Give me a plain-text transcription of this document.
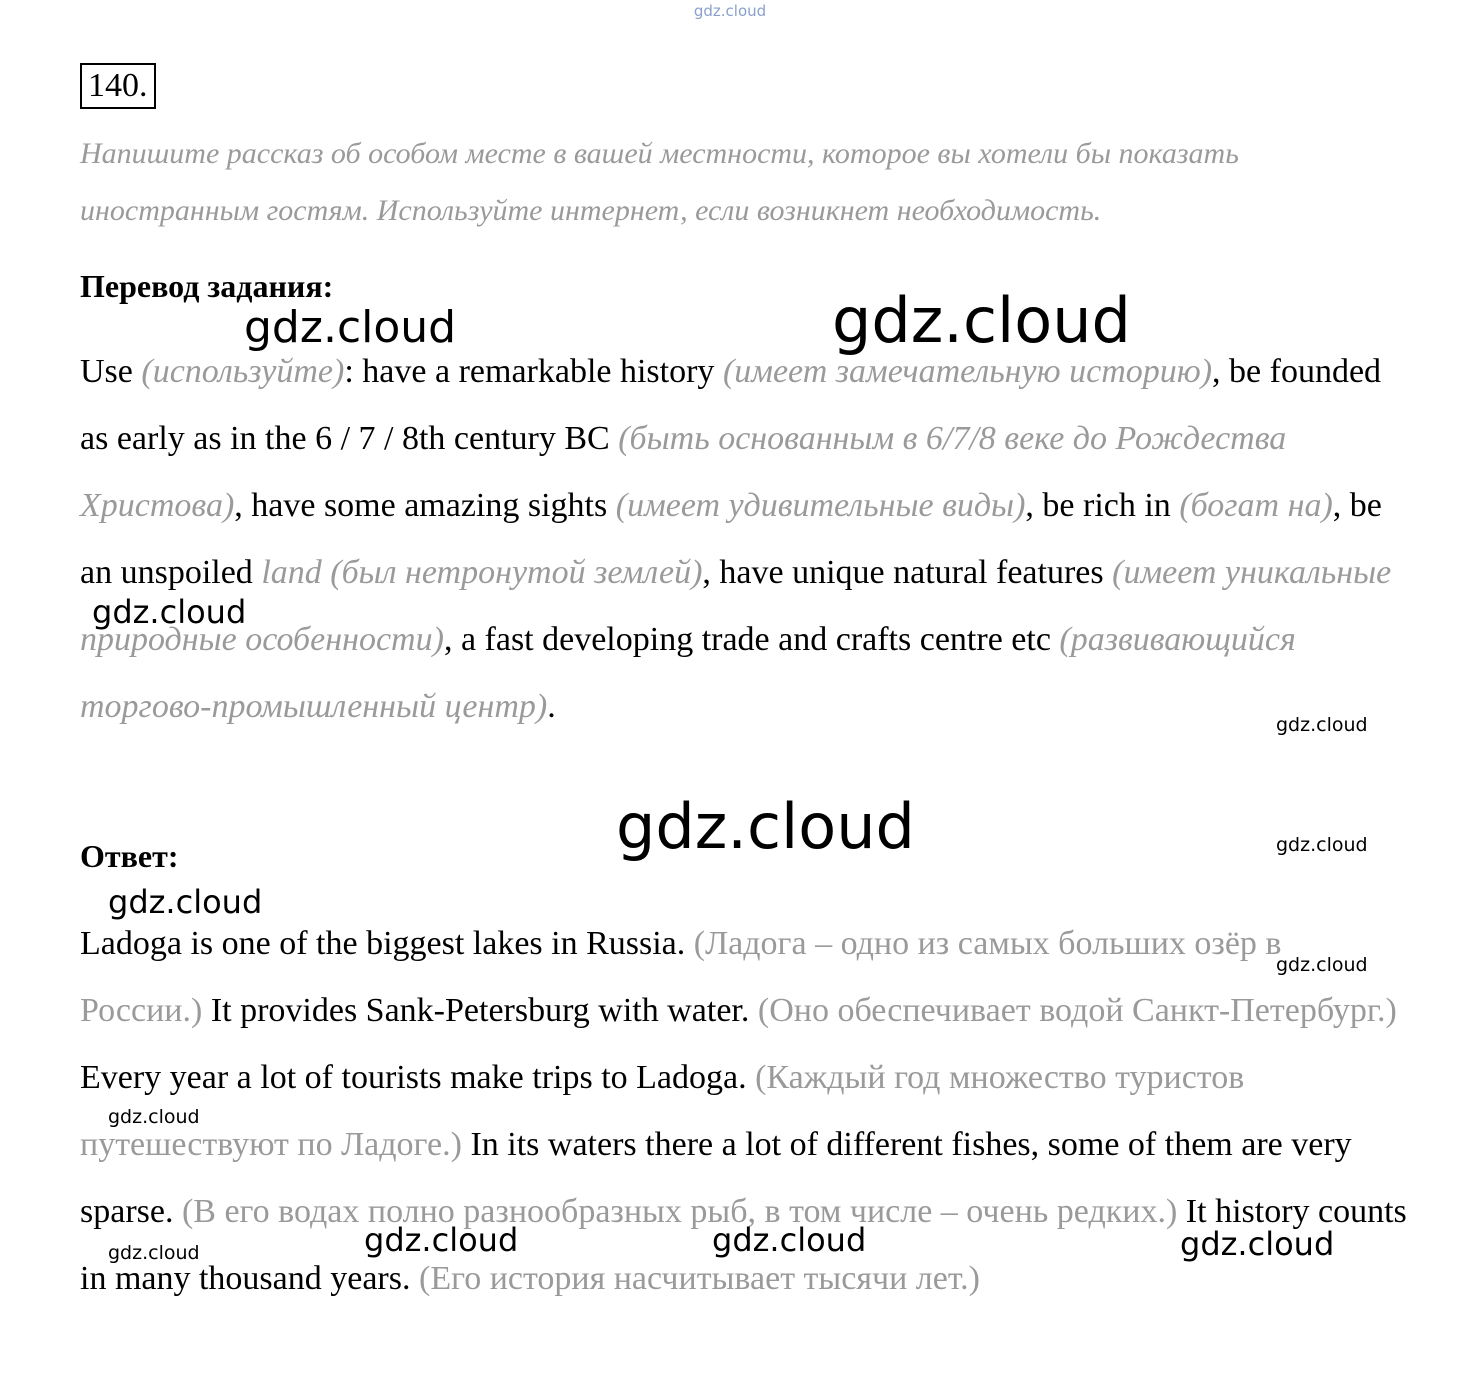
gdz.cloud
140.
Напишите рассказ об особом месте в вашей местности, которое вы хотели бы показать иностранным гостям. Используйте интернет, если возникнет необходимость.
Перевод задания:
Use (используйте): have a remarkable history (имеет замечательную историю), be founded as early as in the 6 / 7 / 8th century BC (быть основанным в 6/7/8 веке до Рождества Христова), have some amazing sights (имеет удивительные виды), be rich in (богат на), be an unspoiled land (был нетронутой землей), have unique natural features (имеет уникальные природные особенности), a fast developing trade and crafts centre etc (развивающийся торгово-промышленный центр).
Ответ:
Ladoga is one of the biggest lakes in Russia. (Ладога – одно из самых больших озёр в России.) It provides Sank-Petersburg with water. (Оно обеспечивает водой Санкт-Петербург.) Every year a lot of tourists make trips to Ladoga. (Каждый год множество туристов путешествуют по Ладоге.) In its waters there a lot of different fishes, some of them are very sparse. (В его водах полно разнообразных рыб, в том числе – очень редких.) It history counts in many thousand years. (Его история насчитывает тысячи лет.)
gdz.cloud
gdz.cloud
gdz.cloud
gdz.cloud
gdz.cloud	gdz.cloud
gdz.cloud
gdz.cloud
gdz.cloud
gdz.cloud	gdz.cloud	gdz.cloud
gdz.cloud
